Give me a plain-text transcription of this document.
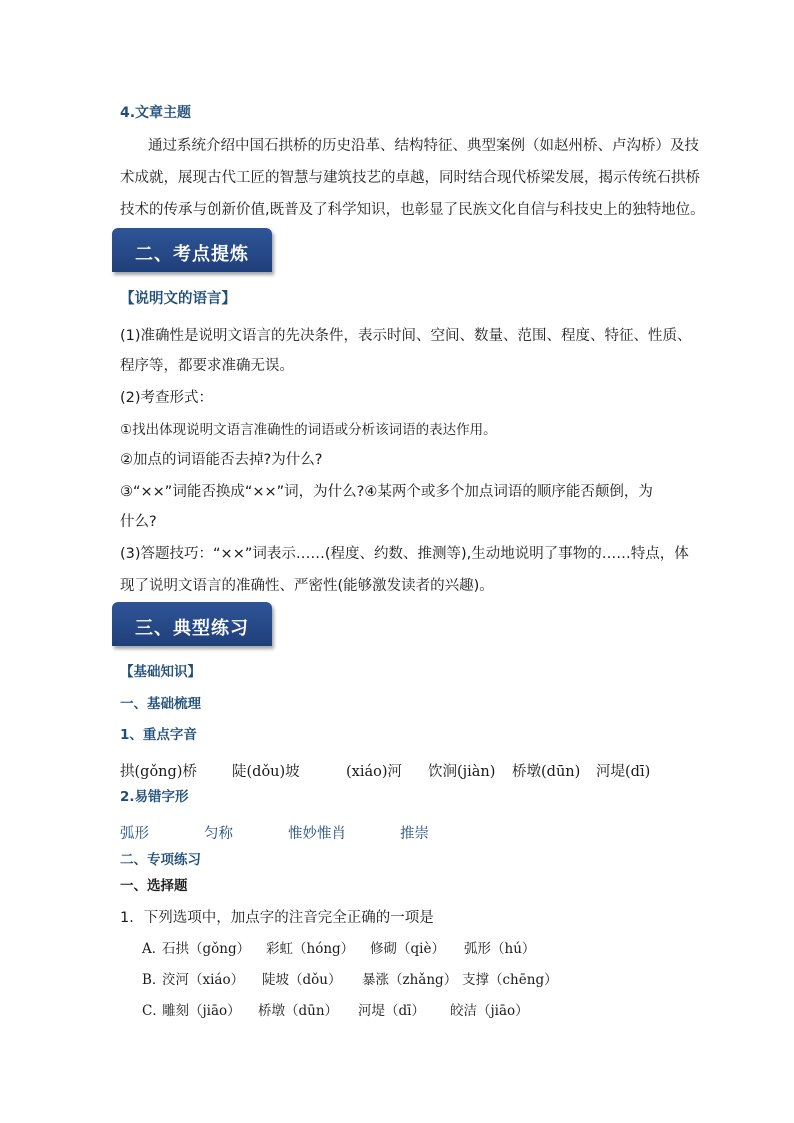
4.文章主题
通过系统介绍中国石拱桥的历史沿革、结构特征、典型案例（如赵州桥、卢沟桥）及技
术成就，展现古代工匠的智慧与建筑技艺的卓越，同时结合现代桥梁发展，揭示传统石拱桥
技术的传承与创新价值,既普及了科学知识，也彰显了民族文化自信与科技史上的独特地位。
二、考点提炼
【说明文的语言】
(1)准确性是说明文语言的先决条件，表示时间、空间、数量、范围、程度、特征、性质、
程序等，都要求准确无误。
(2)考查形式：
①找出体现说明文语言准确性的词语或分析该词语的表达作用。
②加点的词语能否去掉?为什么?
③“××”词能否换成“××”词，为什么?④某两个或多个加点词语的顺序能否颠倒，为
什么?
(3)答题技巧：“××”词表示……(程度、约数、推测等),生动地说明了事物的……特点，体
现了说明文语言的准确性、严密性(能够激发读者的兴趣)。
三、典型练习
【基础知识】
一、基础梳理
1、重点字音
拱(gǒng)桥 陡(dǒu)坡	(xiáo)河 饮涧(jiàn) 桥墩(dūn) 河堤(dī)
2.易错字形
弧形	匀称	惟妙惟肖	推崇
二、专项练习
一、选择题
1．下列选项中，加点字的注音完全正确的一项是
A．
石拱（gǒng） 彩虹（hóng） 修砌（qiè） 弧形（hú）
B．
洨河（xiáo） 陡坡（dǒu） 暴涨（zhǎng） 支撑（chēng）
C．
雕刻（jiāo） 桥墩（dūn） 河堤（dī） 皎洁（jiāo）
